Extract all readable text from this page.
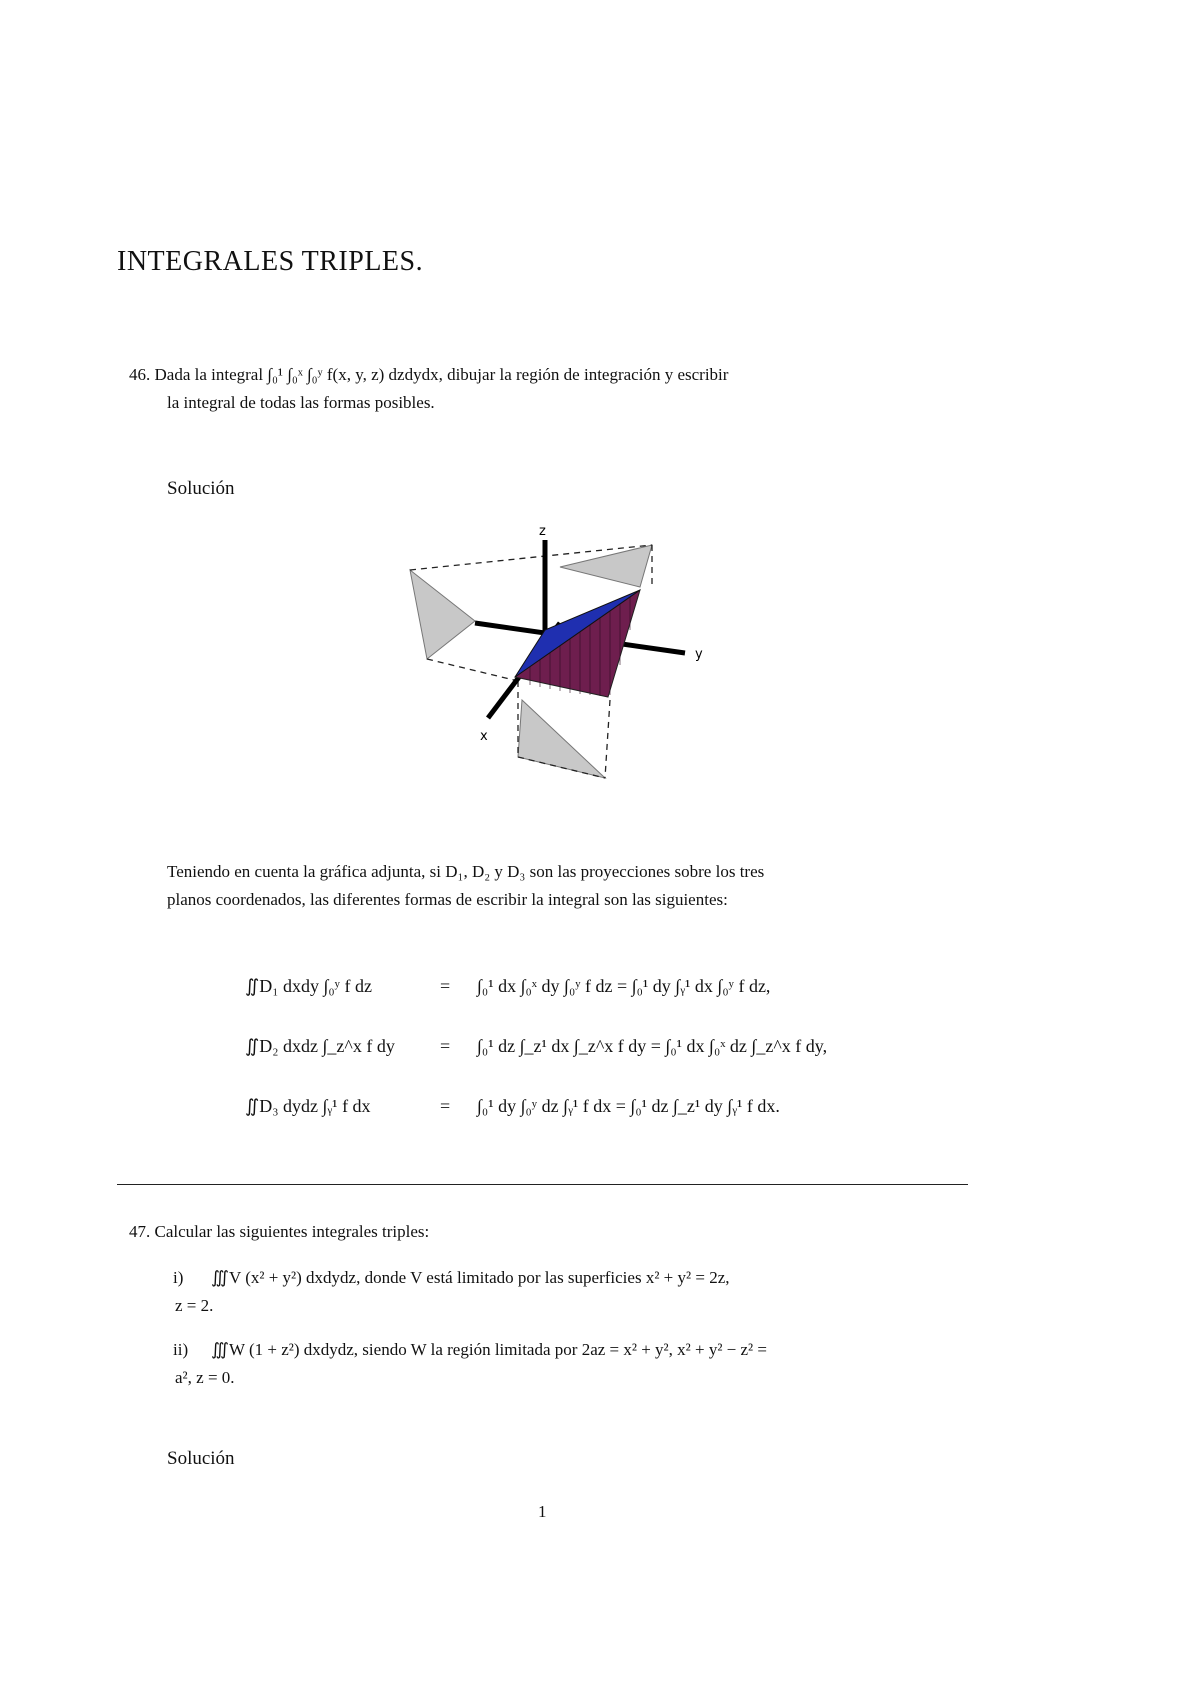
INTEGRALES TRIPLES.
46. Dada la integral ∫₀¹ ∫₀ˣ ∫₀ʸ f(x, y, z) dzdydx, dibujar la región de integración y escribir
la integral de todas las formas posibles.
Solución
z
y
x
Teniendo en cuenta la gráfica adjunta, si D₁, D₂ y D₃ son las proyecciones sobre los tres
planos coordenados, las diferentes formas de escribir la integral son las siguientes:
∬D₁ dxdy ∫₀ʸ f dz	= ∫₀¹ dx ∫₀ˣ dy ∫₀ʸ f dz = ∫₀¹ dy ∫ᵧ¹ dx ∫₀ʸ f dz,
∬D₂ dxdz ∫_z^x f dy	= ∫₀¹ dz ∫_z¹ dx ∫_z^x f dy = ∫₀¹ dx ∫₀ˣ dz ∫_z^x f dy,
∬D₃ dydz ∫ᵧ¹ f dx	= ∫₀¹ dy ∫₀ʸ dz ∫ᵧ¹ f dx = ∫₀¹ dz ∫_z¹ dy ∫ᵧ¹ f dx.
47. Calcular las siguientes integrales triples:
i) ∭V (x² + y²) dxdydz, donde V está limitado por las superficies x² + y² = 2z,
z = 2.
ii) ∭W (1 + z²) dxdydz, siendo W la región limitada por 2az = x² + y², x² + y² − z² =
a², z = 0.
Solución
1
